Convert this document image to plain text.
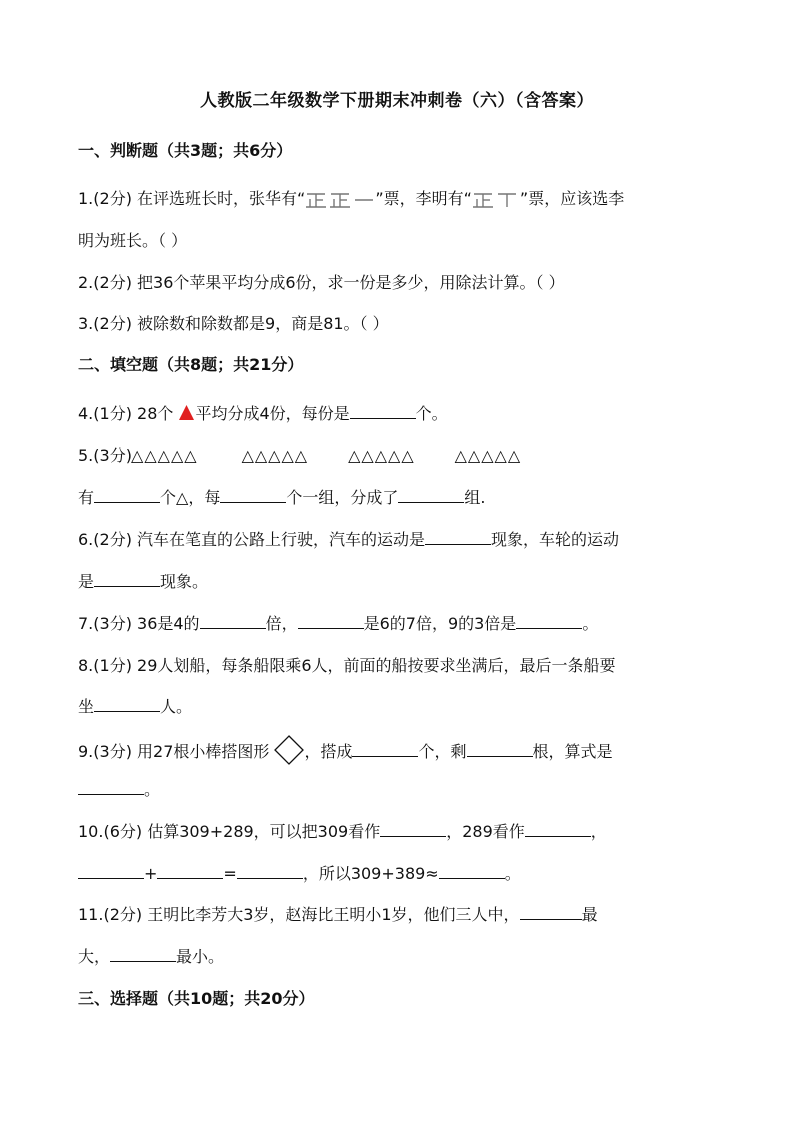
人教版二年级数学下册期末冲刺卷（六）（含答案）
一、判断题（共3题；共6分）
1.(2分) 在评选班长时，张华有“	”票，李明有“	”票，应该选李
明为班长。（ ）
2.(2分) 把36个苹果平均分成6份，求一份是多少，用除法计算。（ ）
3.(2分) 被除数和除数都是9，商是81。（ ）
二、填空题（共8题；共21分）
4.(1分) 28个 平均分成4份，每份是	个。
5.(3分) △△△△△	△△△△△	△△△△△	△△△△△
有	个△，每	个一组，分成了	组.
6.(2分) 汽车在笔直的公路上行驶，汽车的运动是	现象，车轮的运动
是	现象。
7.(3分) 36是4的	倍，	是6的7倍，9的3倍是	。
8.(1分) 29人划船，每条船限乘6人，前面的船按要求坐满后，最后一条船要
坐	人。
9.(3分) 用27根小棒搭图形 ，搭成	个，剩	根，算式是
。
10.(6分) 估算309+289，可以把309看作	，289看作	，
+	=	，所以309+389≈	。
11.(2分) 王明比李芳大3岁，赵海比王明小1岁，他们三人中，	最
大，	最小。
三、选择题（共10题；共20分）
